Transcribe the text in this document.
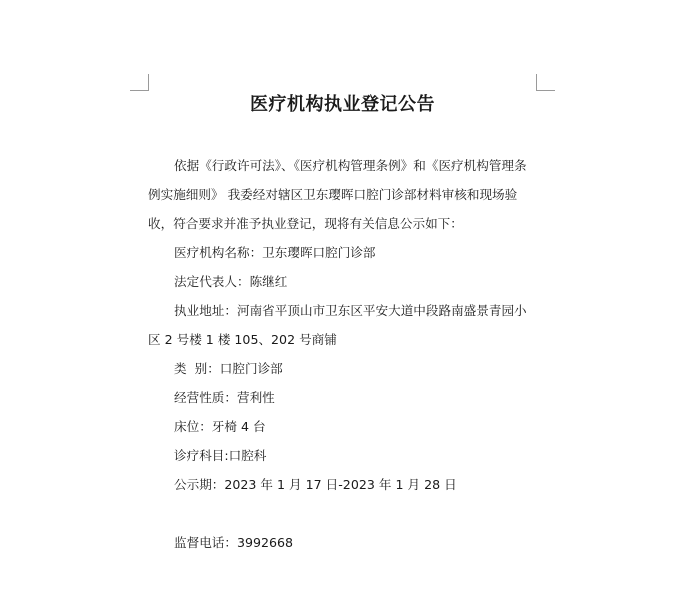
医疗机构执业登记公告

依据《行政许可法》、《医疗机构管理条例》和《医疗机构管理条例实施细则》 我委经对辖区卫东璎晖口腔门诊部材料审核和现场验收，符合要求并准予执业登记，现将有关信息公示如下：

医疗机构名称：卫东璎晖口腔门诊部

法定代表人：陈继红

执业地址：河南省平顶山市卫东区平安大道中段路南盛景青园小区 2 号楼 1 楼 105、202 号商铺

类  别：口腔门诊部

经营性质：营利性

床位：牙椅 4 台

诊疗科目:口腔科

公示期：2023 年 1 月 17 日-2023 年 1 月 28 日

监督电话：3992668
